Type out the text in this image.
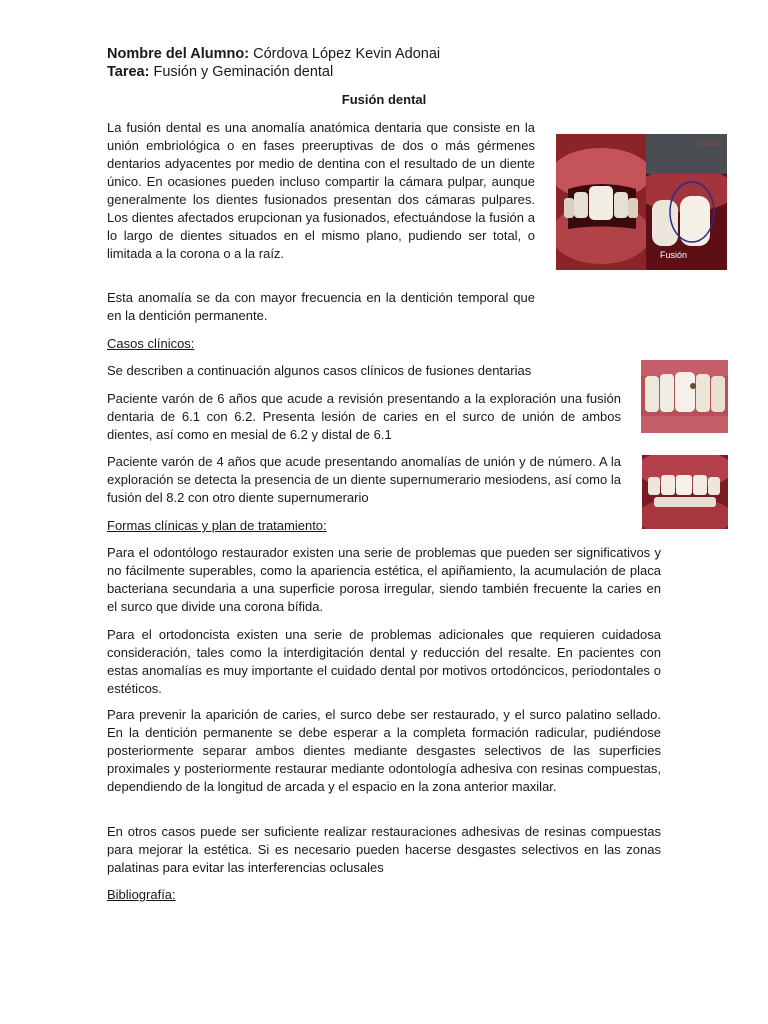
Nombre del Alumno: Córdova López Kevin Adonai
Tarea: Fusión y Geminación dental
Fusión dental

La fusión dental es una anomalía anatómica dentaria que consiste en la unión embriológica o en fases preeruptivas de dos o más gérmenes dentarios adyacentes por medio de dentina con el resultado de un diente único. En ocasiones pueden incluso compartir la cámara pulpar, aunque generalmente los dientes fusionados presentan dos cámaras pulpares. Los dientes afectados erupcionan ya fusionados, efectuándose la fusión a lo largo de dientes situados en el mismo plano, pudiendo ser total, o limitada a la corona o a la raíz.

FUSION
Fusión

Esta anomalía se da con mayor frecuencia en la dentición temporal que en la dentición permanente.

Casos clínicos:

Se describen a continuación algunos casos clínicos de fusiones dentarias

Paciente varón de 6 años que acude a revisión presentando a la exploración una fusión dentaria de 6.1 con 6.2. Presenta lesión de caries en el surco de unión de ambos dientes, así como en mesial de 6.2 y distal de 6.1

Paciente varón de 4 años que acude presentando anomalías de unión y de número. A la exploración se detecta la presencia de un diente supernumerario mesiodens, así como la fusión del 8.2 con otro diente supernumerario

Formas clínicas y plan de tratamiento:

Para el odontólogo restaurador existen una serie de problemas que pueden ser significativos y no fácilmente superables, como la apariencia estética, el apiñamiento, la acumulación de placa bacteriana secundaria a una superficie porosa irregular, siendo también frecuente la caries en el surco que divide una corona bífida.

Para el ortodoncista existen una serie de problemas adicionales que requieren cuidadosa consideración, tales como la interdigitación dental y reducción del resalte. En pacientes con estas anomalías es muy importante el cuidado dental por motivos ortodóncicos, periodontales o estéticos.

Para prevenir la aparición de caries, el surco debe ser restaurado, y el surco palatino sellado. En la dentición permanente se debe esperar a la completa formación radicular, pudiéndose posteriormente separar ambos dientes mediante desgastes selectivos de las superficies proximales y posteriormente restaurar mediante odontología adhesiva con resinas compuestas, dependiendo de la longitud de arcada y el espacio en la zona anterior maxilar.

En otros casos puede ser suficiente realizar restauraciones adhesivas de resinas compuestas para mejorar la estética. Si es necesario pueden hacerse desgastes selectivos en las zonas palatinas para evitar las interferencias oclusales

Bibliografía:
